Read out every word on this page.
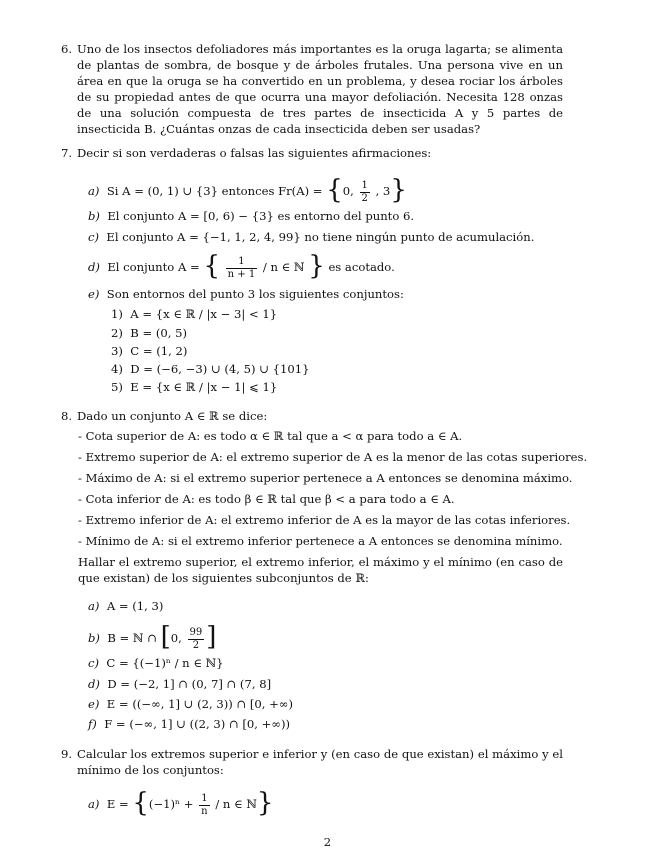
6. Uno de los insectos defoliadores más importantes es la oruga lagarta; se alimenta de plantas de sombra, de bosque y de árboles frutales. Una persona vive en un área en que la oruga se ha convertido en un problema, y desea rociar los árboles de su propiedad antes de que ocurra una mayor defoliación. Necesita 128 onzas de una solución compuesta de tres partes de insecticida A y 5 partes de insecticida B. ¿Cuántas onzas de cada insecticida deben ser usadas?
7. Decir si son verdaderas o falsas las siguientes afirmaciones:
a) Si A = (0, 1) ∪ {3} entonces Fr(A) = {0, $\frac{1}{2}$ , 3}
b) El conjunto A = [0, 6) − {3} es entorno del punto 6.
c) El conjunto A = {−1, 1, 2, 4, 99} no tiene ningún punto de acumulación.
d) El conjunto A = { $\frac{1}{n + 1}$ / n ∈ ℕ } es acotado.
e) Son entornos del punto 3 los siguientes conjuntos:
1) A = {x ∈ ℝ / |x − 3| < 1}
2) B = (0, 5)
3) C = (1, 2)
4) D = (−6, −3) ∪ (4, 5) ∪ {101}
5) E = {x ∈ ℝ / |x − 1| ⩽ 1}
8. Dado un conjunto A ∈ ℝ se dice:
- Cota superior de A: es todo α ∈ ℝ tal que a < α para todo a ∈ A.
- Extremo superior de A: el extremo superior de A es la menor de las cotas superiores.
- Máximo de A: si el extremo superior pertenece a A entonces se denomina máximo.
- Cota inferior de A: es todo β ∈ ℝ tal que β < a para todo a ∈ A.
- Extremo inferior de A: el extremo inferior de A es la mayor de las cotas inferiores.
- Mínimo de A: si el extremo inferior pertenece a A entonces se denomina mínimo.
Hallar el extremo superior, el extremo inferior, el máximo y el mínimo (en caso de que existan) de los siguientes subconjuntos de ℝ:
a) A = (1, 3)
b) B = ℕ ∩ [0, $\frac{99}{2}$ ]
c) C = {(−1)ⁿ / n ∈ ℕ}
d) D = (−2, 1] ∩ (0, 7] ∩ (7, 8]
e) E = ((−∞, 1] ∪ (2, 3)) ∩ [0, +∞)
f) F = (−∞, 1] ∪ ((2, 3) ∩ [0, +∞))
9. Calcular los extremos superior e inferior y (en caso de que existan) el máximo y el mínimo de los conjuntos:
a) $E = \{(-1)^n + \frac{1}{n} / n$ ∈ ℕ}
2
